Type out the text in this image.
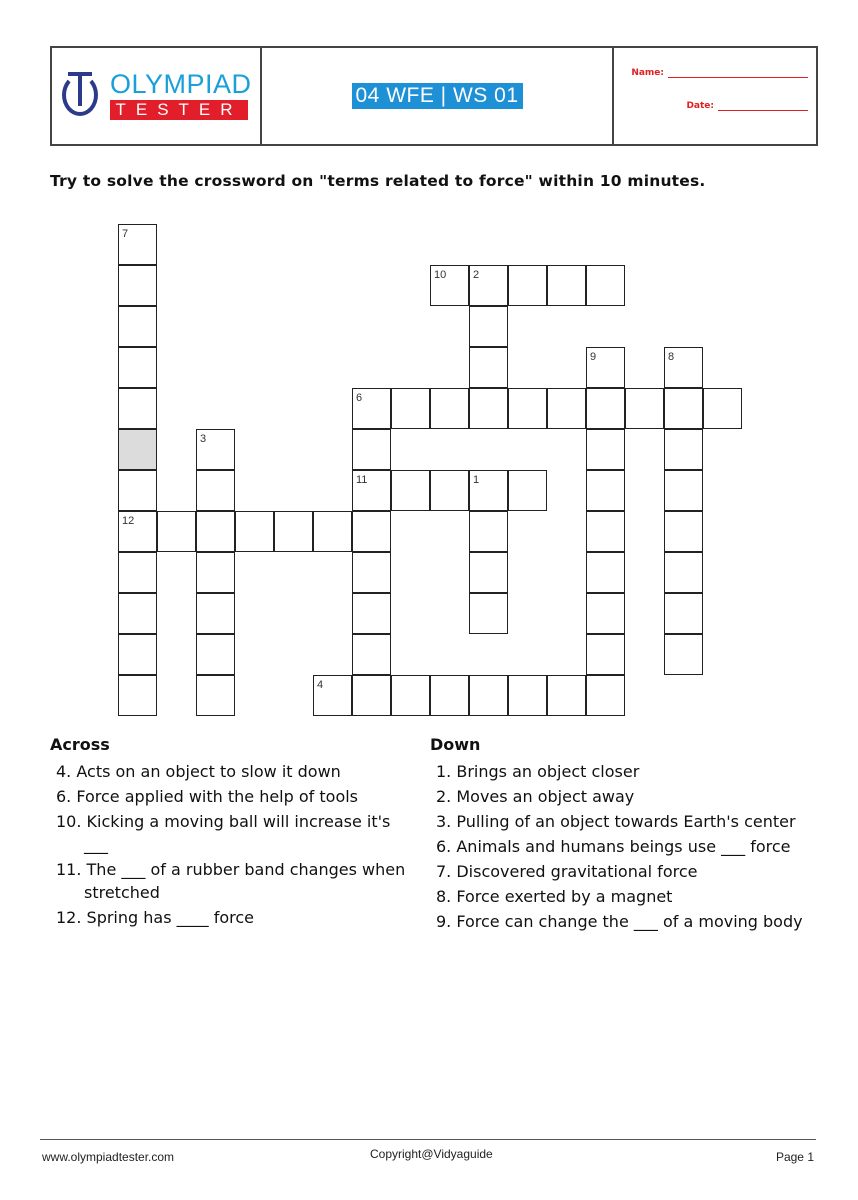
OLYMPIAD
TESTER
04 WFE | WS 01
Name:
Date:
Try to solve the crossword on "terms related to force" within 10 minutes.
7
12
10 2
9	8
6
3
11	1
4
Across
4. Acts on an object to slow it down
6. Force applied with the help of tools
10. Kicking a moving ball will increase it's ___
11. The ___ of a rubber band changes when stretched
12. Spring has ____ force
Down
1. Brings an object closer
2. Moves an object away
3. Pulling of an object towards Earth's center
6. Animals and humans beings use ___ force
7. Discovered gravitational force
8. Force exerted by a magnet
9. Force can change the ___ of a moving body
www.olympiadtester.com	Copyright@Vidyaguide	Page 1
